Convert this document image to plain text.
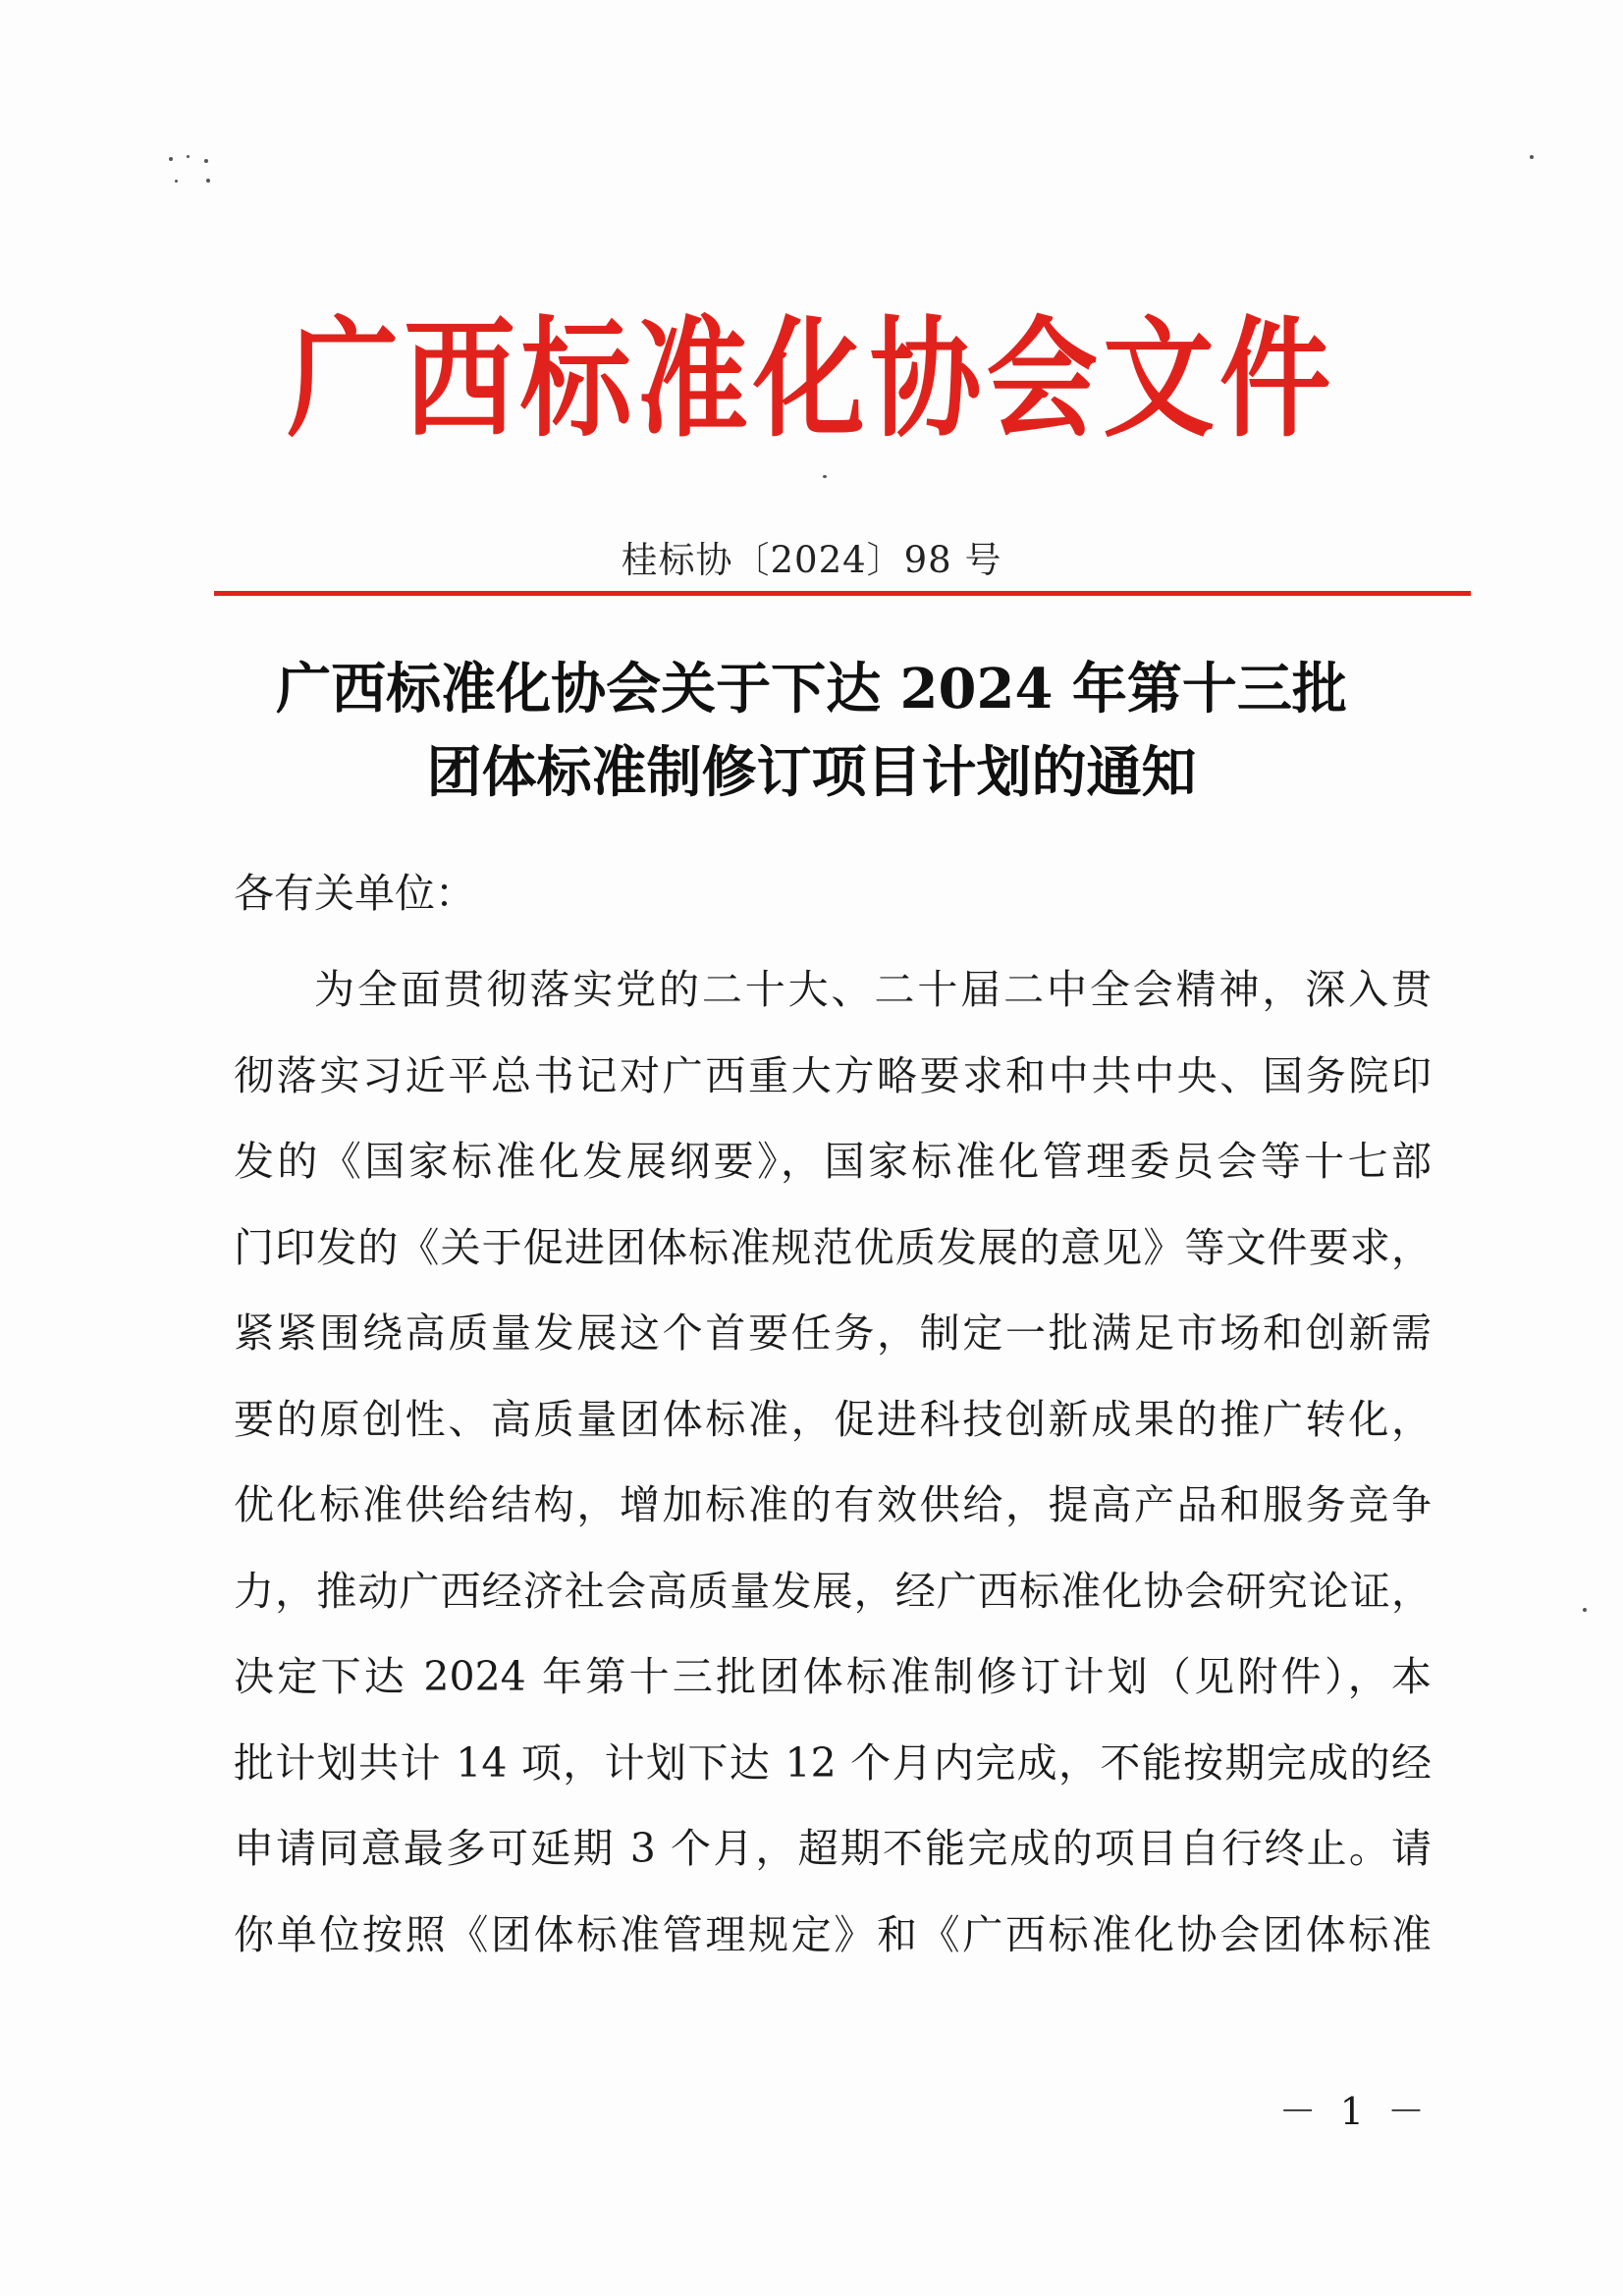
广西标准化协会文件
桂标协〔2024〕98 号
广西标准化协会关于下达 2024 年第十三批
团体标准制修订项目计划的通知
各有关单位：
为全面贯彻落实党的二十大、二十届二中全会精神，深入贯
彻落实习近平总书记对广西重大方略要求和中共中央、国务院印
发的《国家标准化发展纲要》，国家标准化管理委员会等十七部
门印发的《关于促进团体标准规范优质发展的意见》等文件要求，
紧紧围绕高质量发展这个首要任务，制定一批满足市场和创新需
要的原创性、高质量团体标准，促进科技创新成果的推广转化，
优化标准供给结构，增加标准的有效供给，提高产品和服务竞争
力，推动广西经济社会高质量发展，经广西标准化协会研究论证，
决定下达 2024 年第十三批团体标准制修订计划（见附件），本
批计划共计 14 项，计划下达 12 个月内完成，不能按期完成的经
申请同意最多可延期 3 个月，超期不能完成的项目自行终止。请
你单位按照《团体标准管理规定》和《广西标准化协会团体标准
－ 1 －
